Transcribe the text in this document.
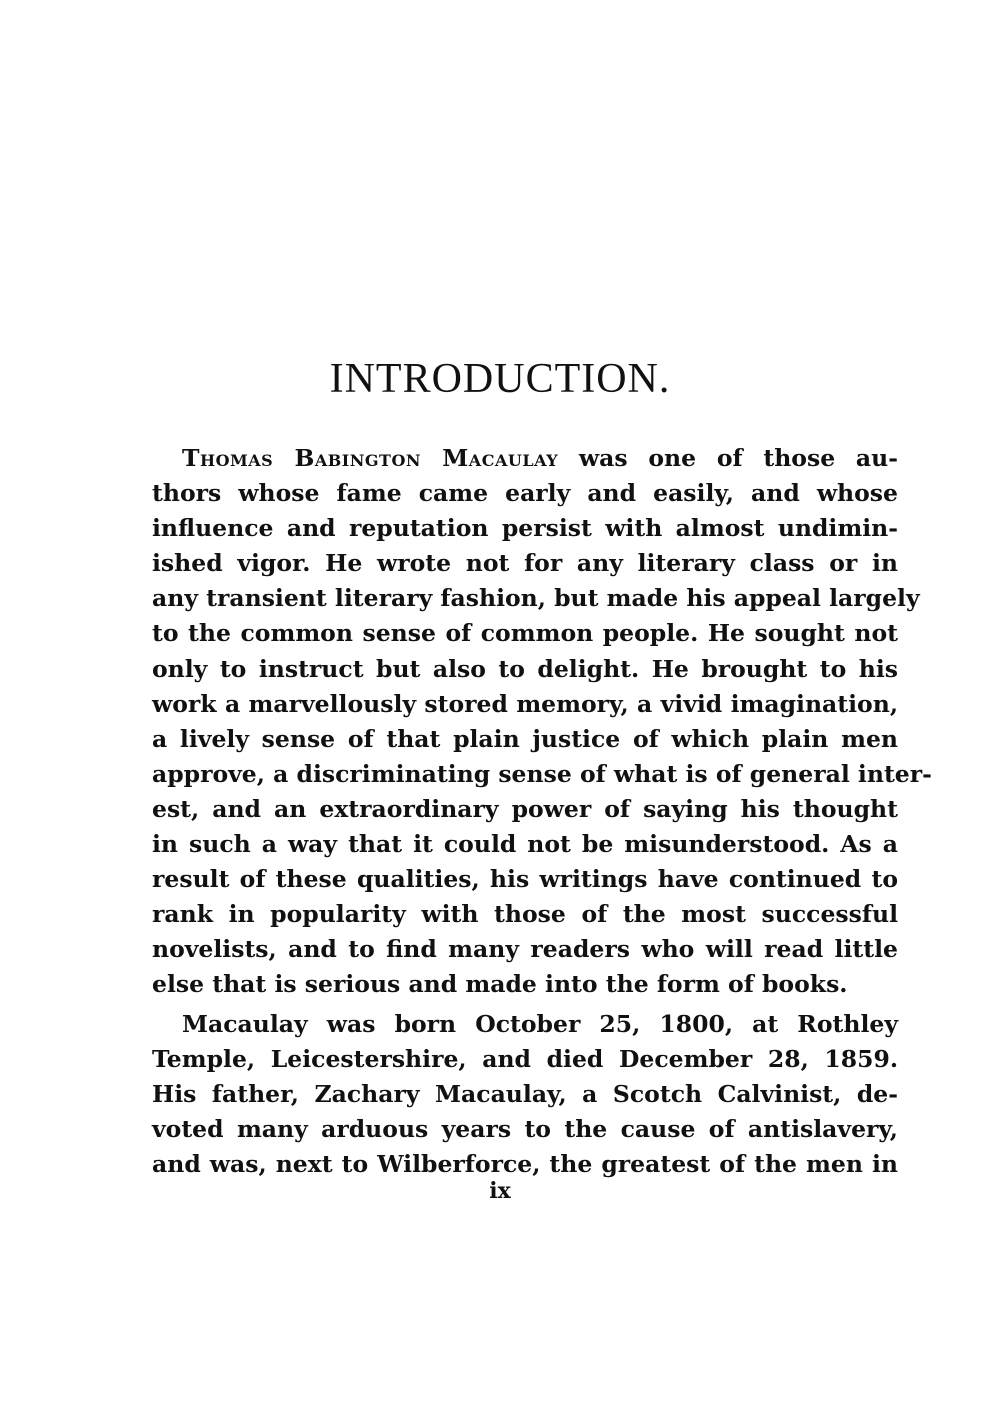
INTRODUCTION.
Thomas Babington Macaulay was one of those au-
thors whose fame came early and easily, and whose
influence and reputation persist with almost undimin-
ished vigor. He wrote not for any literary class or in
any transient literary fashion, but made his appeal largely
to the common sense of common people. He sought not
only to instruct but also to delight. He brought to his
work a marvellously stored memory, a vivid imagination,
a lively sense of that plain justice of which plain men
approve, a discriminating sense of what is of general inter-
est, and an extraordinary power of saying his thought
in such a way that it could not be misunderstood. As a
result of these qualities, his writings have continued to
rank in popularity with those of the most successful
novelists, and to find many readers who will read little
else that is serious and made into the form of books.
Macaulay was born October 25, 1800, at Rothley
Temple, Leicestershire, and died December 28, 1859.
His father, Zachary Macaulay, a Scotch Calvinist, de-
voted many arduous years to the cause of antislavery,
and was, next to Wilberforce, the greatest of the men in
ix
